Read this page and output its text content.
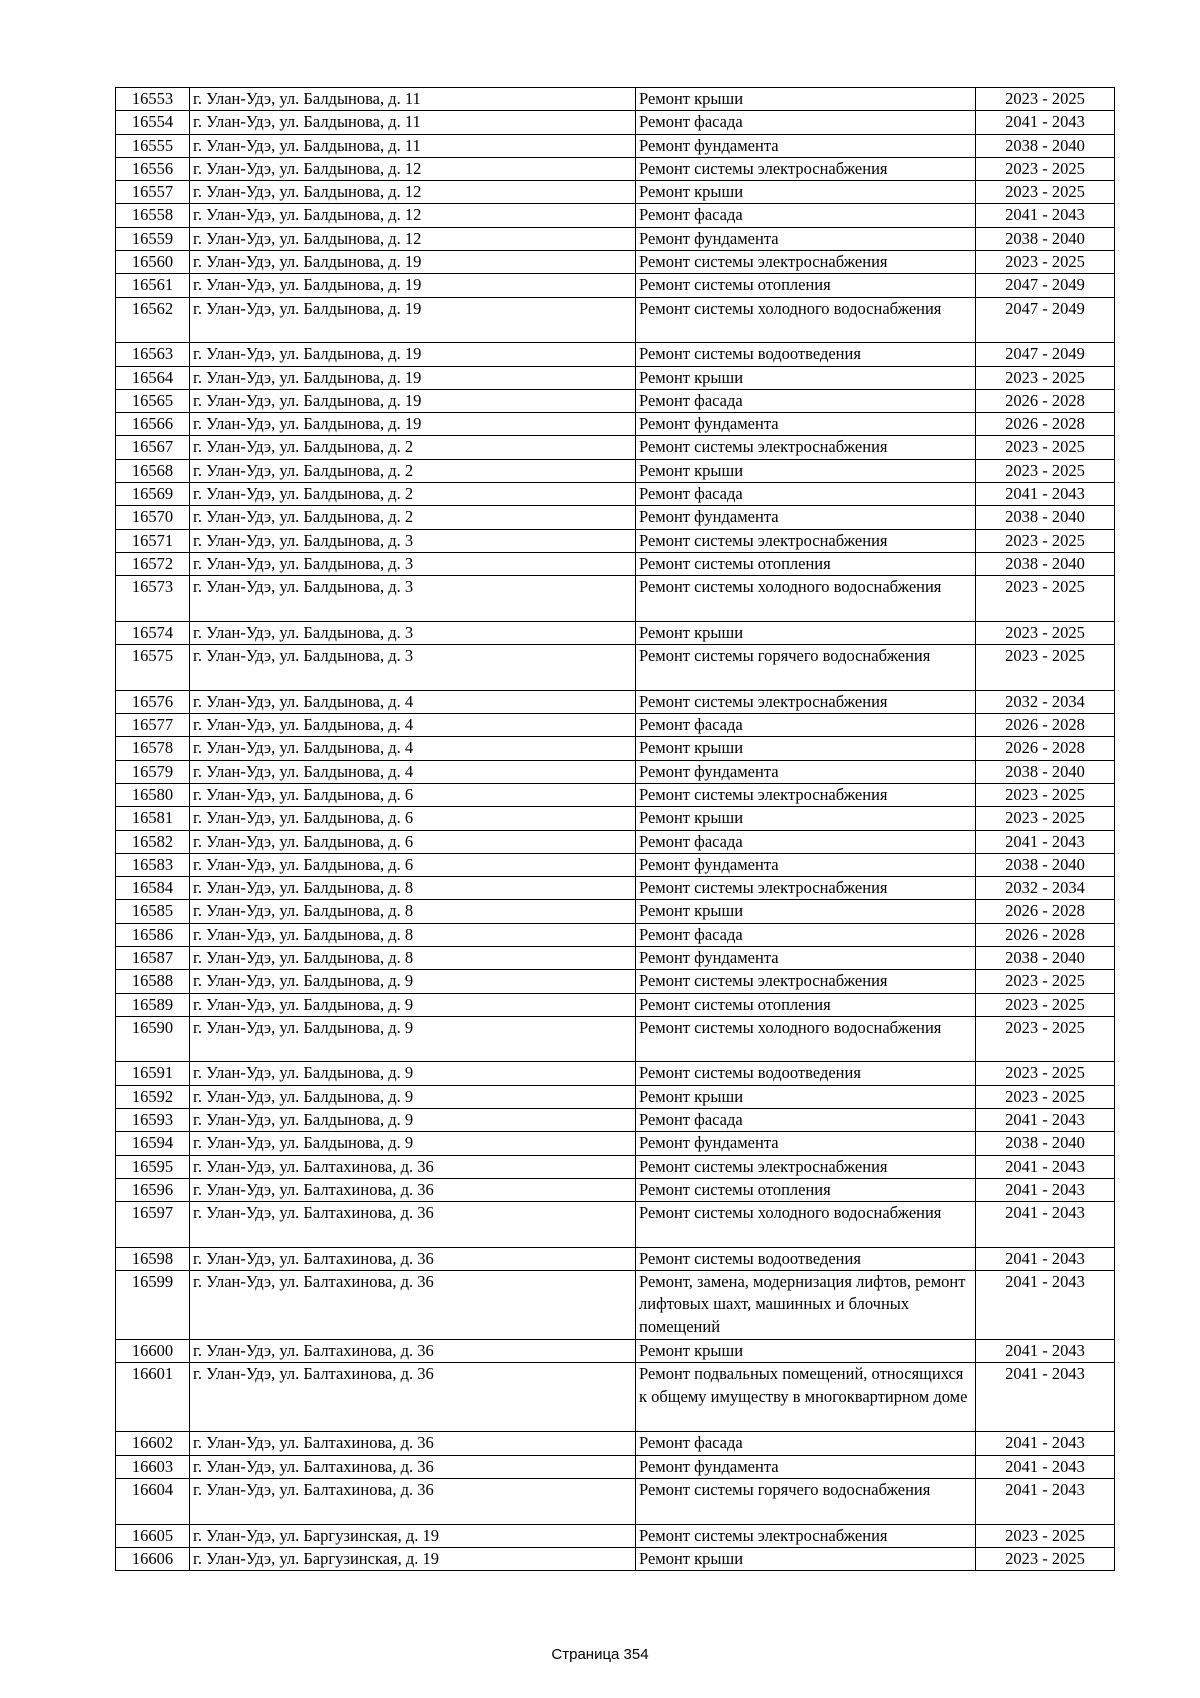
16553	г. Улан-Удэ, ул. Балдынова, д. 11	Ремонт крыши	2023 - 2025
16554	г. Улан-Удэ, ул. Балдынова, д. 11	Ремонт фасада	2041 - 2043
16555	г. Улан-Удэ, ул. Балдынова, д. 11	Ремонт фундамента	2038 - 2040
16556	г. Улан-Удэ, ул. Балдынова, д. 12	Ремонт системы электроснабжения	2023 - 2025
16557	г. Улан-Удэ, ул. Балдынова, д. 12	Ремонт крыши	2023 - 2025
16558	г. Улан-Удэ, ул. Балдынова, д. 12	Ремонт фасада	2041 - 2043
16559	г. Улан-Удэ, ул. Балдынова, д. 12	Ремонт фундамента	2038 - 2040
16560	г. Улан-Удэ, ул. Балдынова, д. 19	Ремонт системы электроснабжения	2023 - 2025
16561	г. Улан-Удэ, ул. Балдынова, д. 19	Ремонт системы отопления	2047 - 2049
16562	г. Улан-Удэ, ул. Балдынова, д. 19	Ремонт системы холодного водоснабжения	2047 - 2049
16563	г. Улан-Удэ, ул. Балдынова, д. 19	Ремонт системы водоотведения	2047 - 2049
16564	г. Улан-Удэ, ул. Балдынова, д. 19	Ремонт крыши	2023 - 2025
16565	г. Улан-Удэ, ул. Балдынова, д. 19	Ремонт фасада	2026 - 2028
16566	г. Улан-Удэ, ул. Балдынова, д. 19	Ремонт фундамента	2026 - 2028
16567	г. Улан-Удэ, ул. Балдынова, д. 2	Ремонт системы электроснабжения	2023 - 2025
16568	г. Улан-Удэ, ул. Балдынова, д. 2	Ремонт крыши	2023 - 2025
16569	г. Улан-Удэ, ул. Балдынова, д. 2	Ремонт фасада	2041 - 2043
16570	г. Улан-Удэ, ул. Балдынова, д. 2	Ремонт фундамента	2038 - 2040
16571	г. Улан-Удэ, ул. Балдынова, д. 3	Ремонт системы электроснабжения	2023 - 2025
16572	г. Улан-Удэ, ул. Балдынова, д. 3	Ремонт системы отопления	2038 - 2040
16573	г. Улан-Удэ, ул. Балдынова, д. 3	Ремонт системы холодного водоснабжения	2023 - 2025
16574	г. Улан-Удэ, ул. Балдынова, д. 3	Ремонт крыши	2023 - 2025
16575	г. Улан-Удэ, ул. Балдынова, д. 3	Ремонт системы горячего водоснабжения	2023 - 2025
16576	г. Улан-Удэ, ул. Балдынова, д. 4	Ремонт системы электроснабжения	2032 - 2034
16577	г. Улан-Удэ, ул. Балдынова, д. 4	Ремонт фасада	2026 - 2028
16578	г. Улан-Удэ, ул. Балдынова, д. 4	Ремонт крыши	2026 - 2028
16579	г. Улан-Удэ, ул. Балдынова, д. 4	Ремонт фундамента	2038 - 2040
16580	г. Улан-Удэ, ул. Балдынова, д. 6	Ремонт системы электроснабжения	2023 - 2025
16581	г. Улан-Удэ, ул. Балдынова, д. 6	Ремонт крыши	2023 - 2025
16582	г. Улан-Удэ, ул. Балдынова, д. 6	Ремонт фасада	2041 - 2043
16583	г. Улан-Удэ, ул. Балдынова, д. 6	Ремонт фундамента	2038 - 2040
16584	г. Улан-Удэ, ул. Балдынова, д. 8	Ремонт системы электроснабжения	2032 - 2034
16585	г. Улан-Удэ, ул. Балдынова, д. 8	Ремонт крыши	2026 - 2028
16586	г. Улан-Удэ, ул. Балдынова, д. 8	Ремонт фасада	2026 - 2028
16587	г. Улан-Удэ, ул. Балдынова, д. 8	Ремонт фундамента	2038 - 2040
16588	г. Улан-Удэ, ул. Балдынова, д. 9	Ремонт системы электроснабжения	2023 - 2025
16589	г. Улан-Удэ, ул. Балдынова, д. 9	Ремонт системы отопления	2023 - 2025
16590	г. Улан-Удэ, ул. Балдынова, д. 9	Ремонт системы холодного водоснабжения	2023 - 2025
16591	г. Улан-Удэ, ул. Балдынова, д. 9	Ремонт системы водоотведения	2023 - 2025
16592	г. Улан-Удэ, ул. Балдынова, д. 9	Ремонт крыши	2023 - 2025
16593	г. Улан-Удэ, ул. Балдынова, д. 9	Ремонт фасада	2041 - 2043
16594	г. Улан-Удэ, ул. Балдынова, д. 9	Ремонт фундамента	2038 - 2040
16595	г. Улан-Удэ, ул. Балтахинова, д. 36	Ремонт системы электроснабжения	2041 - 2043
16596	г. Улан-Удэ, ул. Балтахинова, д. 36	Ремонт системы отопления	2041 - 2043
16597	г. Улан-Удэ, ул. Балтахинова, д. 36	Ремонт системы холодного водоснабжения	2041 - 2043
16598	г. Улан-Удэ, ул. Балтахинова, д. 36	Ремонт системы водоотведения	2041 - 2043
16599	г. Улан-Удэ, ул. Балтахинова, д. 36	Ремонт, замена, модернизация лифтов, ремонт лифтовых шахт, машинных и блочных помещений	2041 - 2043
16600	г. Улан-Удэ, ул. Балтахинова, д. 36	Ремонт крыши	2041 - 2043
16601	г. Улан-Удэ, ул. Балтахинова, д. 36	Ремонт подвальных помещений, относящихся к общему имуществу в многоквартирном доме	2041 - 2043
16602	г. Улан-Удэ, ул. Балтахинова, д. 36	Ремонт фасада	2041 - 2043
16603	г. Улан-Удэ, ул. Балтахинова, д. 36	Ремонт фундамента	2041 - 2043
16604	г. Улан-Удэ, ул. Балтахинова, д. 36	Ремонт системы горячего водоснабжения	2041 - 2043
16605	г. Улан-Удэ, ул. Баргузинская, д. 19	Ремонт системы электроснабжения	2023 - 2025
16606	г. Улан-Удэ, ул. Баргузинская, д. 19	Ремонт крыши	2023 - 2025
Страница 354
